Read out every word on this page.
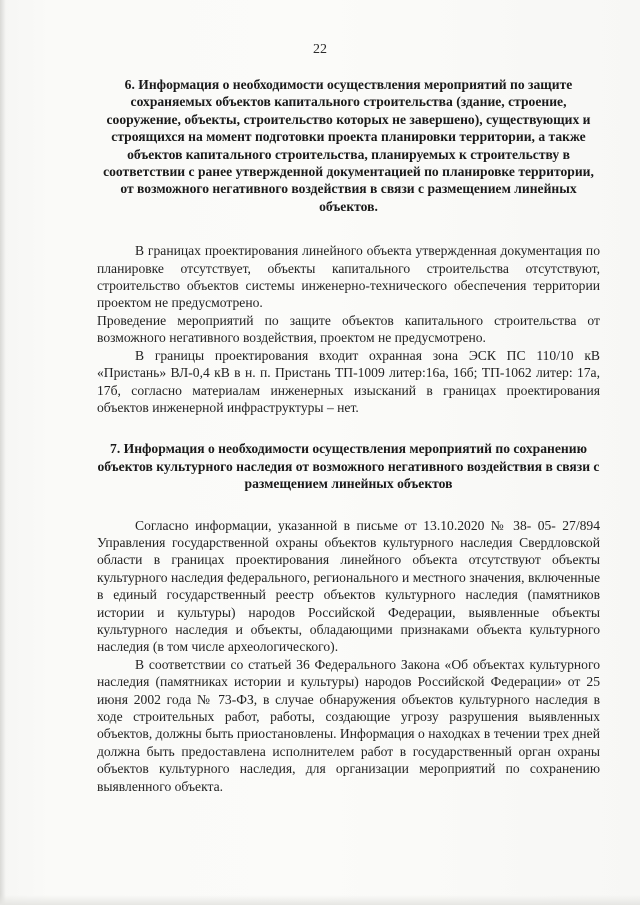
22
6. Информация о необходимости осуществления мероприятий по защите сохраняемых объектов капитального строительства (здание, строение, сооружение, объекты, строительство которых не завершено), существующих и строящихся на момент подготовки проекта планировки территории, а также объектов капитального строительства, планируемых к строительству в соответствии с ранее утвержденной документацией по планировке территории, от возможного негативного воздействия в связи с размещением линейных объектов.

В границах проектирования линейного объекта утвержденная документация по планировке отсутствует, объекты капитального строительства отсутствуют, строительство объектов системы инженерно-технического обеспечения территории проектом не предусмотрено.

Проведение мероприятий по защите объектов капитального строительства от возможного негативного воздействия, проектом не предусмотрено.

В границы проектирования входит охранная зона ЭСК ПС 110/10 кВ «Пристань» ВЛ-0,4 кВ в н. п. Пристань ТП-1009 литер:16а, 16б; ТП-1062 литер: 17а, 17б, согласно материалам инженерных изысканий в границах проектирования объектов инженерной инфраструктуры – нет.

7. Информация о необходимости осуществления мероприятий по сохранению объектов культурного наследия от возможного негативного воздействия в связи с размещением линейных объектов

Согласно информации, указанной в письме от 13.10.2020 № 38- 05- 27/894 Управления государственной охраны объектов культурного наследия Свердловской области в границах проектирования линейного объекта отсутствуют объекты культурного наследия федерального, регионального и местного значения, включенные в единый государственный реестр объектов культурного наследия (памятников истории и культуры) народов Российской Федерации, выявленные объекты культурного наследия и объекты, обладающими признаками объекта культурного наследия (в том числе археологического).

В соответствии со статьей 36 Федерального Закона «Об объектах культурного наследия (памятниках истории и культуры) народов Российской Федерации» от 25 июня 2002 года № 73-ФЗ, в случае обнаружения объектов культурного наследия в ходе строительных работ, работы, создающие угрозу разрушения выявленных объектов, должны быть приостановлены. Информация о находках в течении трех дней должна быть предоставлена исполнителем работ в государственный орган охраны объектов культурного наследия, для организации мероприятий по сохранению выявленного объекта.
